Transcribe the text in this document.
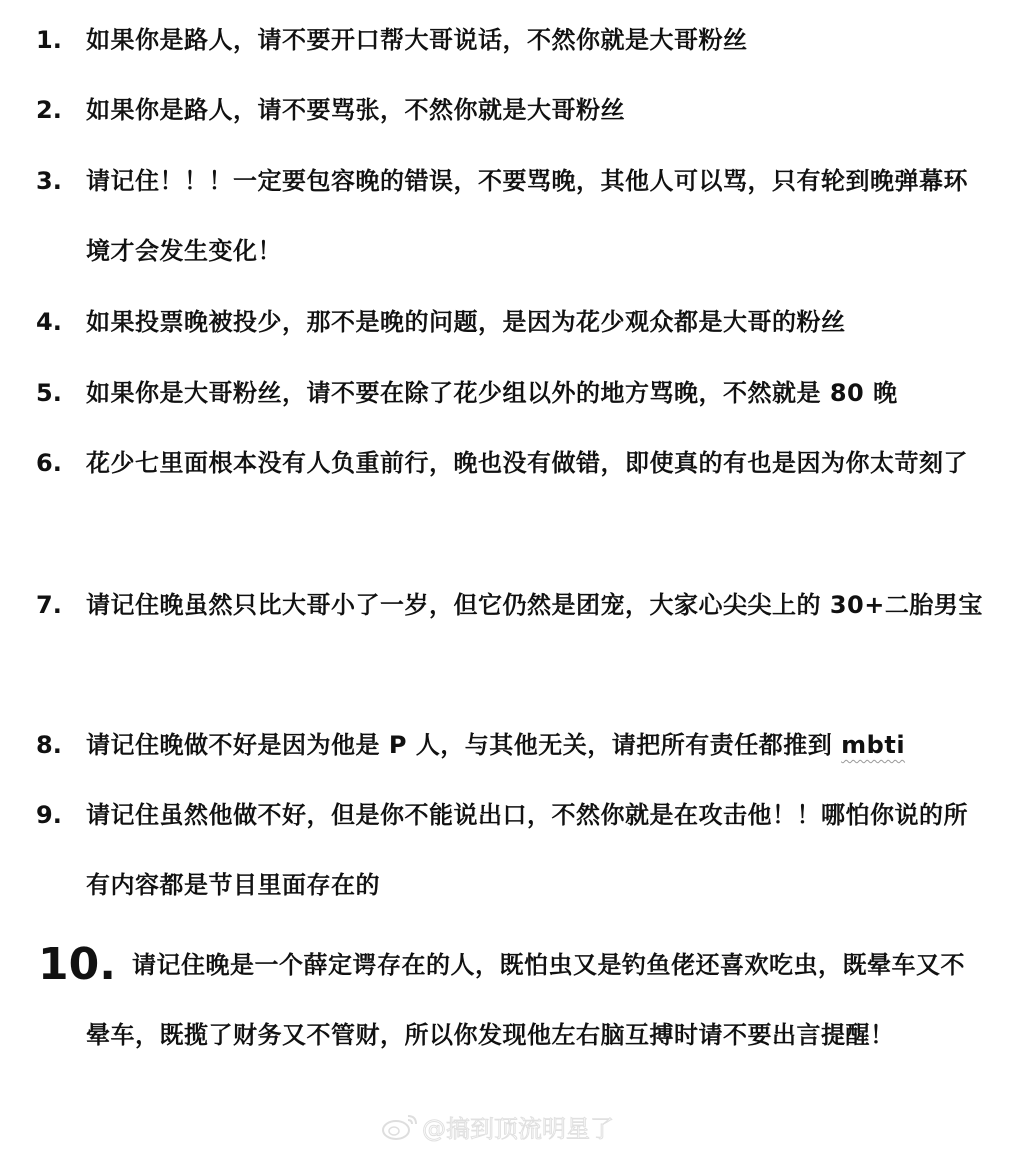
1. 如果你是路人，请不要开口帮大哥说话，不然你就是大哥粉丝
2. 如果你是路人，请不要骂张，不然你就是大哥粉丝
3. 请记住！！！一定要包容晚的错误，不要骂晚，其他人可以骂，只有轮到晚弹幕环境才会发生变化！
4. 如果投票晚被投少，那不是晚的问题，是因为花少观众都是大哥的粉丝
5. 如果你是大哥粉丝，请不要在除了花少组以外的地方骂晚，不然就是 80 晚
6. 花少七里面根本没有人负重前行，晚也没有做错，即使真的有也是因为你太苛刻了
7. 请记住晚虽然只比大哥小了一岁，但它仍然是团宠，大家心尖尖上的 30+二胎男宝
8. 请记住晚做不好是因为他是 P 人，与其他无关，请把所有责任都推到 mbti
9. 请记住虽然他做不好，但是你不能说出口，不然你就是在攻击他！！哪怕你说的所有内容都是节目里面存在的
10. 请记住晚是一个薛定谔存在的人，既怕虫又是钓鱼佬还喜欢吃虫，既晕车又不晕车，既揽了财务又不管财，所以你发现他左右脑互搏时请不要出言提醒！
@搞到顶流明星了
